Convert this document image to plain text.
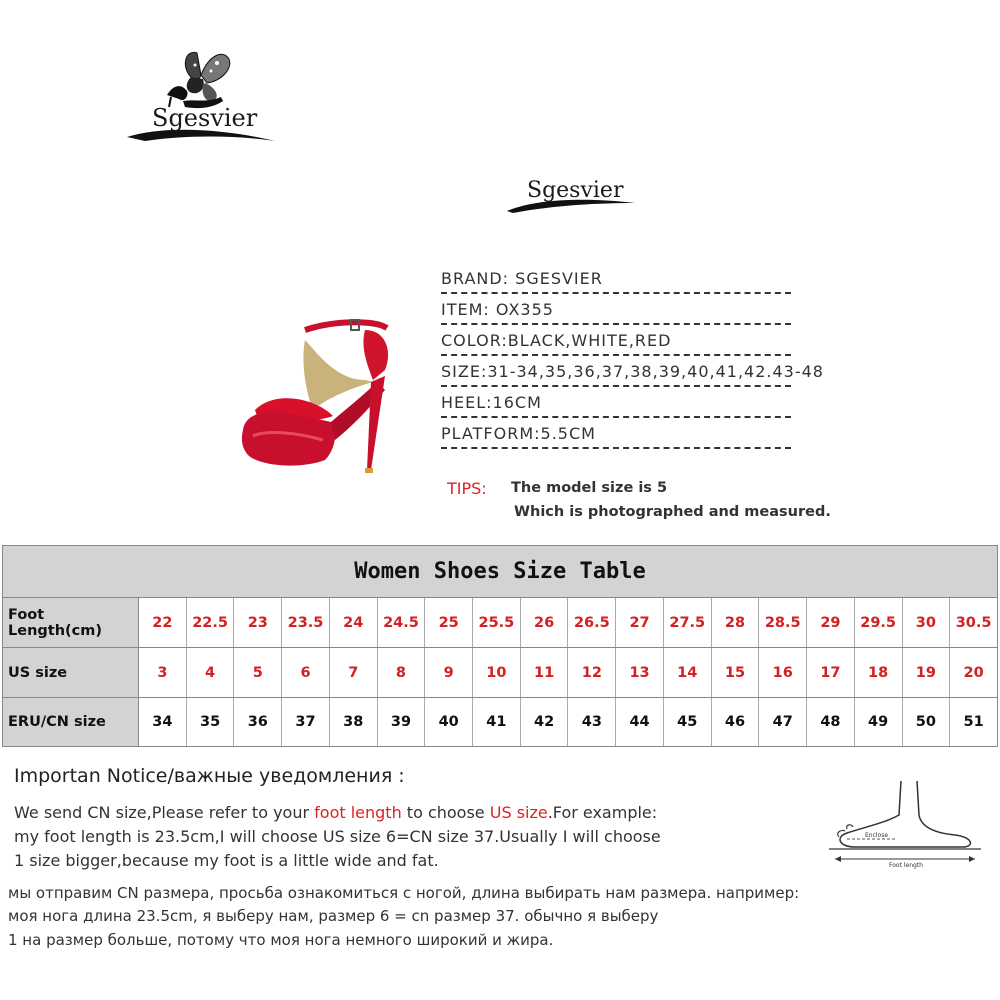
Sgesvier
Sgesvier
BRAND: SGESVIER
ITEM: OX355
COLOR:BLACK,WHITE,RED
SIZE:31-34,35,36,37,38,39,40,41,42.43-48
HEEL:16CM
PLATFORM:5.5CM
TIPS: The model size is 5
Which is photographed and measured.
Women Shoes Size Table
Foot Length(cm)	22	22.5	23	23.5	24	24.5	25	25.5	26	26.5	27	27.5	28	28.5	29	29.5	30	30.5
US size	3	4	5	6	7	8	9	10	11	12	13	14	15	16	17	18	19	20
ERU/CN size	34	35	36	37	38	39	40	41	42	43	44	45	46	47	48	49	50	51
Importan Notice/важные уведомления :
We send CN size,Please refer to your foot length to choose US size.For example:
my foot length is 23.5cm,I will choose US size 6=CN size 37.Usually I will choose
1 size bigger,because my foot is a little wide and fat.
мы отправим CN размера, просьба ознакомиться с ногой, длина выбирать нам размера. например:
моя нога длина 23.5cm, я выберу нам, размер 6 = cn размер 37. обычно я выберу
1 на размер больше, потому что моя нога немного широкий и жира.
Enclose
Foot length
